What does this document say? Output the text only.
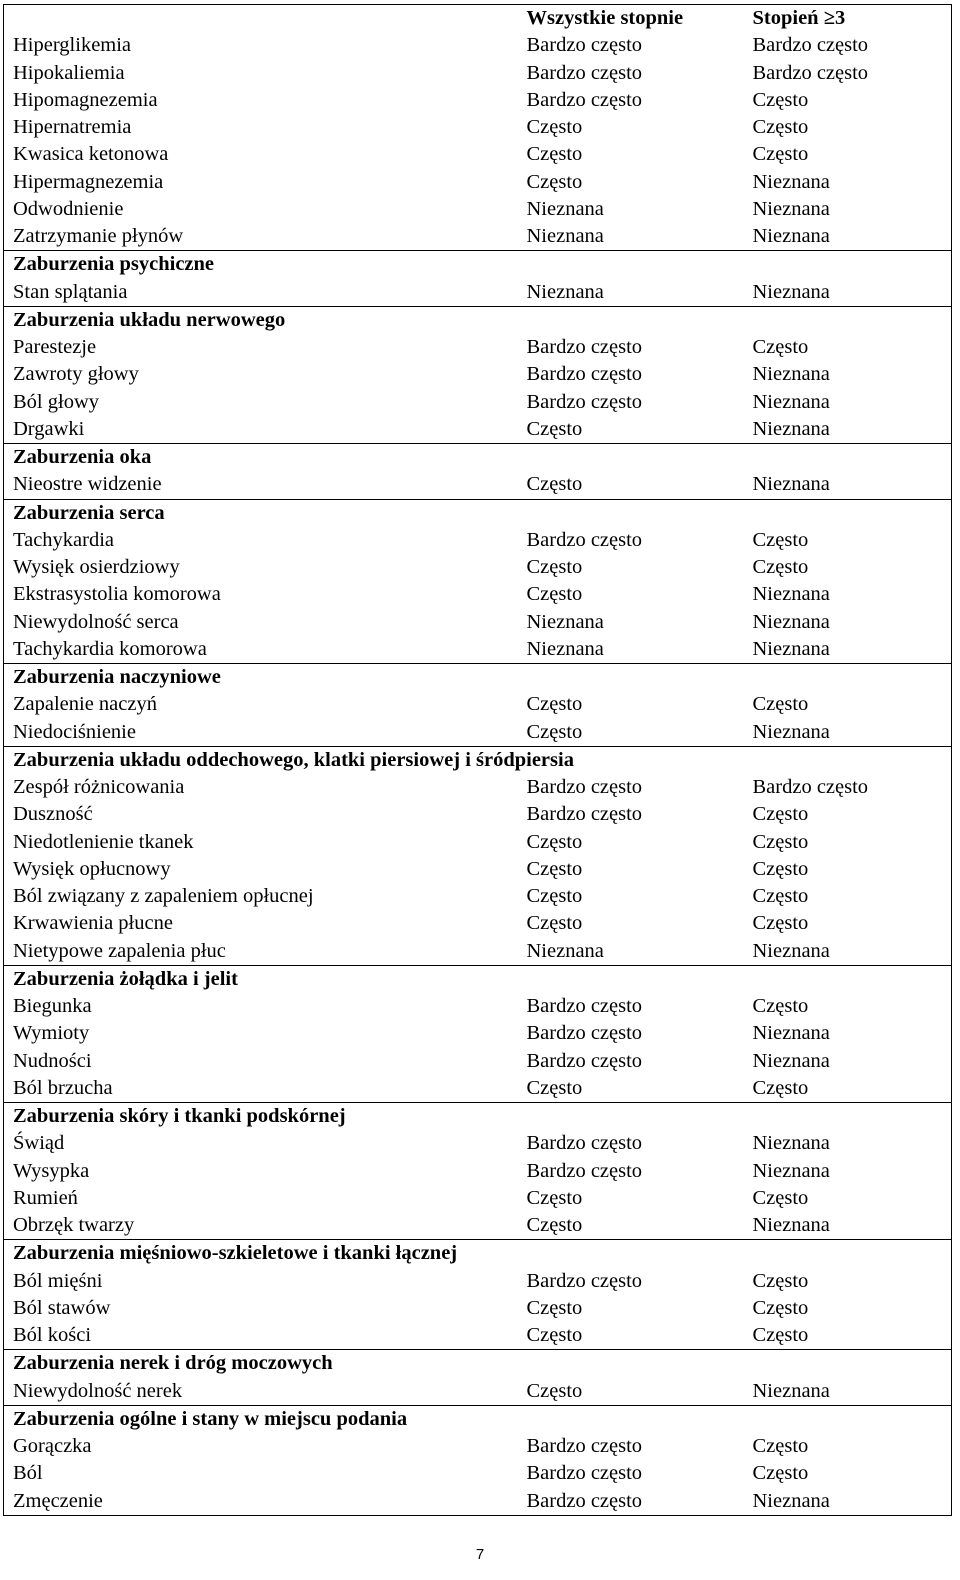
	Wszystkie stopnie	Stopień ≥3
Hiperglikemia	Bardzo często	Bardzo często
Hipokaliemia	Bardzo często	Bardzo często
Hipomagnezemia	Bardzo często	Często
Hipernatremia	Często	Często
Kwasica ketonowa	Często	Często
Hipermagnezemia	Często	Nieznana
Odwodnienie	Nieznana	Nieznana
Zatrzymanie płynów	Nieznana	Nieznana
Zaburzenia psychiczne		
Stan splątania	Nieznana	Nieznana
Zaburzenia układu nerwowego		
Parestezje	Bardzo często	Często
Zawroty głowy	Bardzo często	Nieznana
Ból głowy	Bardzo często	Nieznana
Drgawki	Często	Nieznana
Zaburzenia oka		
Nieostre widzenie	Często	Nieznana
Zaburzenia serca		
Tachykardia	Bardzo często	Często
Wysięk osierdziowy	Często	Często
Ekstrasystolia komorowa	Często	Nieznana
Niewydolność serca	Nieznana	Nieznana
Tachykardia komorowa	Nieznana	Nieznana
Zaburzenia naczyniowe		
Zapalenie naczyń	Często	Często
Niedociśnienie	Często	Nieznana
Zaburzenia układu oddechowego, klatki piersiowej i śródpiersia		
Zespół różnicowania	Bardzo często	Bardzo często
Duszność	Bardzo często	Często
Niedotlenienie tkanek	Często	Często
Wysięk opłucnowy	Często	Często
Ból związany z zapaleniem opłucnej	Często	Często
Krwawienia płucne	Często	Często
Nietypowe zapalenia płuc	Nieznana	Nieznana
Zaburzenia żołądka i jelit		
Biegunka	Bardzo często	Często
Wymioty	Bardzo często	Nieznana
Nudności	Bardzo często	Nieznana
Ból brzucha	Często	Często
Zaburzenia skóry i tkanki podskórnej		
Świąd	Bardzo często	Nieznana
Wysypka	Bardzo często	Nieznana
Rumień	Często	Często
Obrzęk twarzy	Często	Nieznana
Zaburzenia mięśniowo-szkieletowe i tkanki łącznej		
Ból mięśni	Bardzo często	Często
Ból stawów	Często	Często
Ból kości	Często	Często
Zaburzenia nerek i dróg moczowych		
Niewydolność nerek	Często	Nieznana
Zaburzenia ogólne i stany w miejscu podania		
Gorączka	Bardzo często	Często
Ból	Bardzo często	Często
Zmęczenie	Bardzo często	Nieznana
7
